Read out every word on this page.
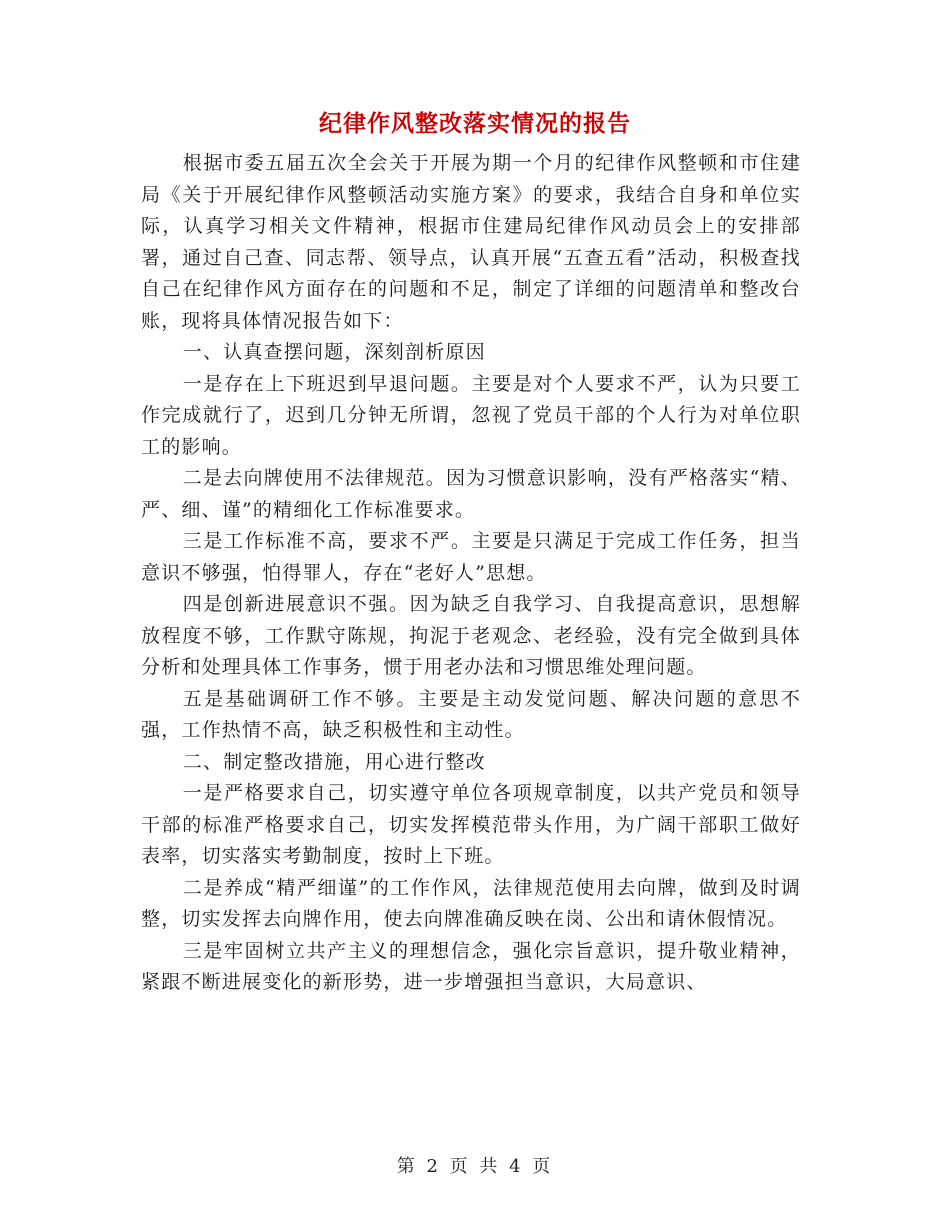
纪律作风整改落实情况的报告

根据市委五届五次全会关于开展为期一个月的纪律作风整顿和市住建局《关于开展纪律作风整顿活动实施方案》的要求，我结合自身和单位实际，认真学习相关文件精神，根据市住建局纪律作风动员会上的安排部署，通过自己查、同志帮、领导点，认真开展“五查五看”活动，积极查找自己在纪律作风方面存在的问题和不足，制定了详细的问题清单和整改台账，现将具体情况报告如下：

一、认真查摆问题，深刻剖析原因

一是存在上下班迟到早退问题。主要是对个人要求不严，认为只要工作完成就行了，迟到几分钟无所谓，忽视了党员干部的个人行为对单位职工的影响。

二是去向牌使用不法律规范。因为习惯意识影响，没有严格落实“精、严、细、谨”的精细化工作标准要求。

三是工作标准不高，要求不严。主要是只满足于完成工作任务，担当意识不够强，怕得罪人，存在“老好人”思想。

四是创新进展意识不强。因为缺乏自我学习、自我提高意识，思想解放程度不够，工作默守陈规，拘泥于老观念、老经验，没有完全做到具体分析和处理具体工作事务，惯于用老办法和习惯思维处理问题。

五是基础调研工作不够。主要是主动发觉问题、解决问题的意思不强，工作热情不高，缺乏积极性和主动性。

二、制定整改措施，用心进行整改

一是严格要求自己，切实遵守单位各项规章制度，以共产党员和领导干部的标准严格要求自己，切实发挥模范带头作用，为广阔干部职工做好表率，切实落实考勤制度，按时上下班。

二是养成“精严细谨”的工作作风，法律规范使用去向牌，做到及时调整，切实发挥去向牌作用，使去向牌准确反映在岗、公出和请休假情况。

三是牢固树立共产主义的理想信念，强化宗旨意识，提升敬业精神，紧跟不断进展变化的新形势，进一步增强担当意识，大局意识、

第 2 页 共 4 页
